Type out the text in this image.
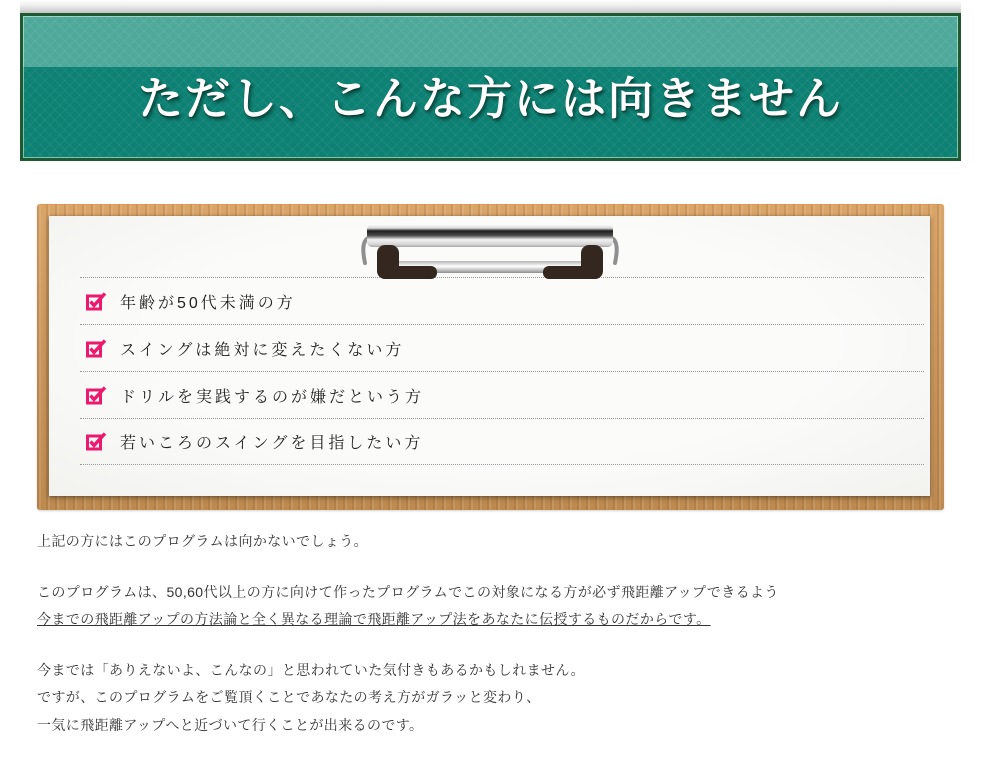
ただし、こんな方には向きません
年齢が50代未満の方
スイングは絶対に変えたくない方
ドリルを実践するのが嫌だという方
若いころのスイングを目指したい方
上記の方にはこのプログラムは向かないでしょう。
このプログラムは、50,60代以上の方に向けて作ったプログラムでこの対象になる方が必ず飛距離アップできるよう
今までの飛距離アップの方法論と全く異なる理論で飛距離アップ法をあなたに伝授するものだからです。
今までは「ありえないよ、こんなの」と思われていた気付きもあるかもしれません。
ですが、このプログラムをご覧頂くことであなたの考え方がガラッと変わり、
一気に飛距離アップへと近づいて行くことが出来るのです。
